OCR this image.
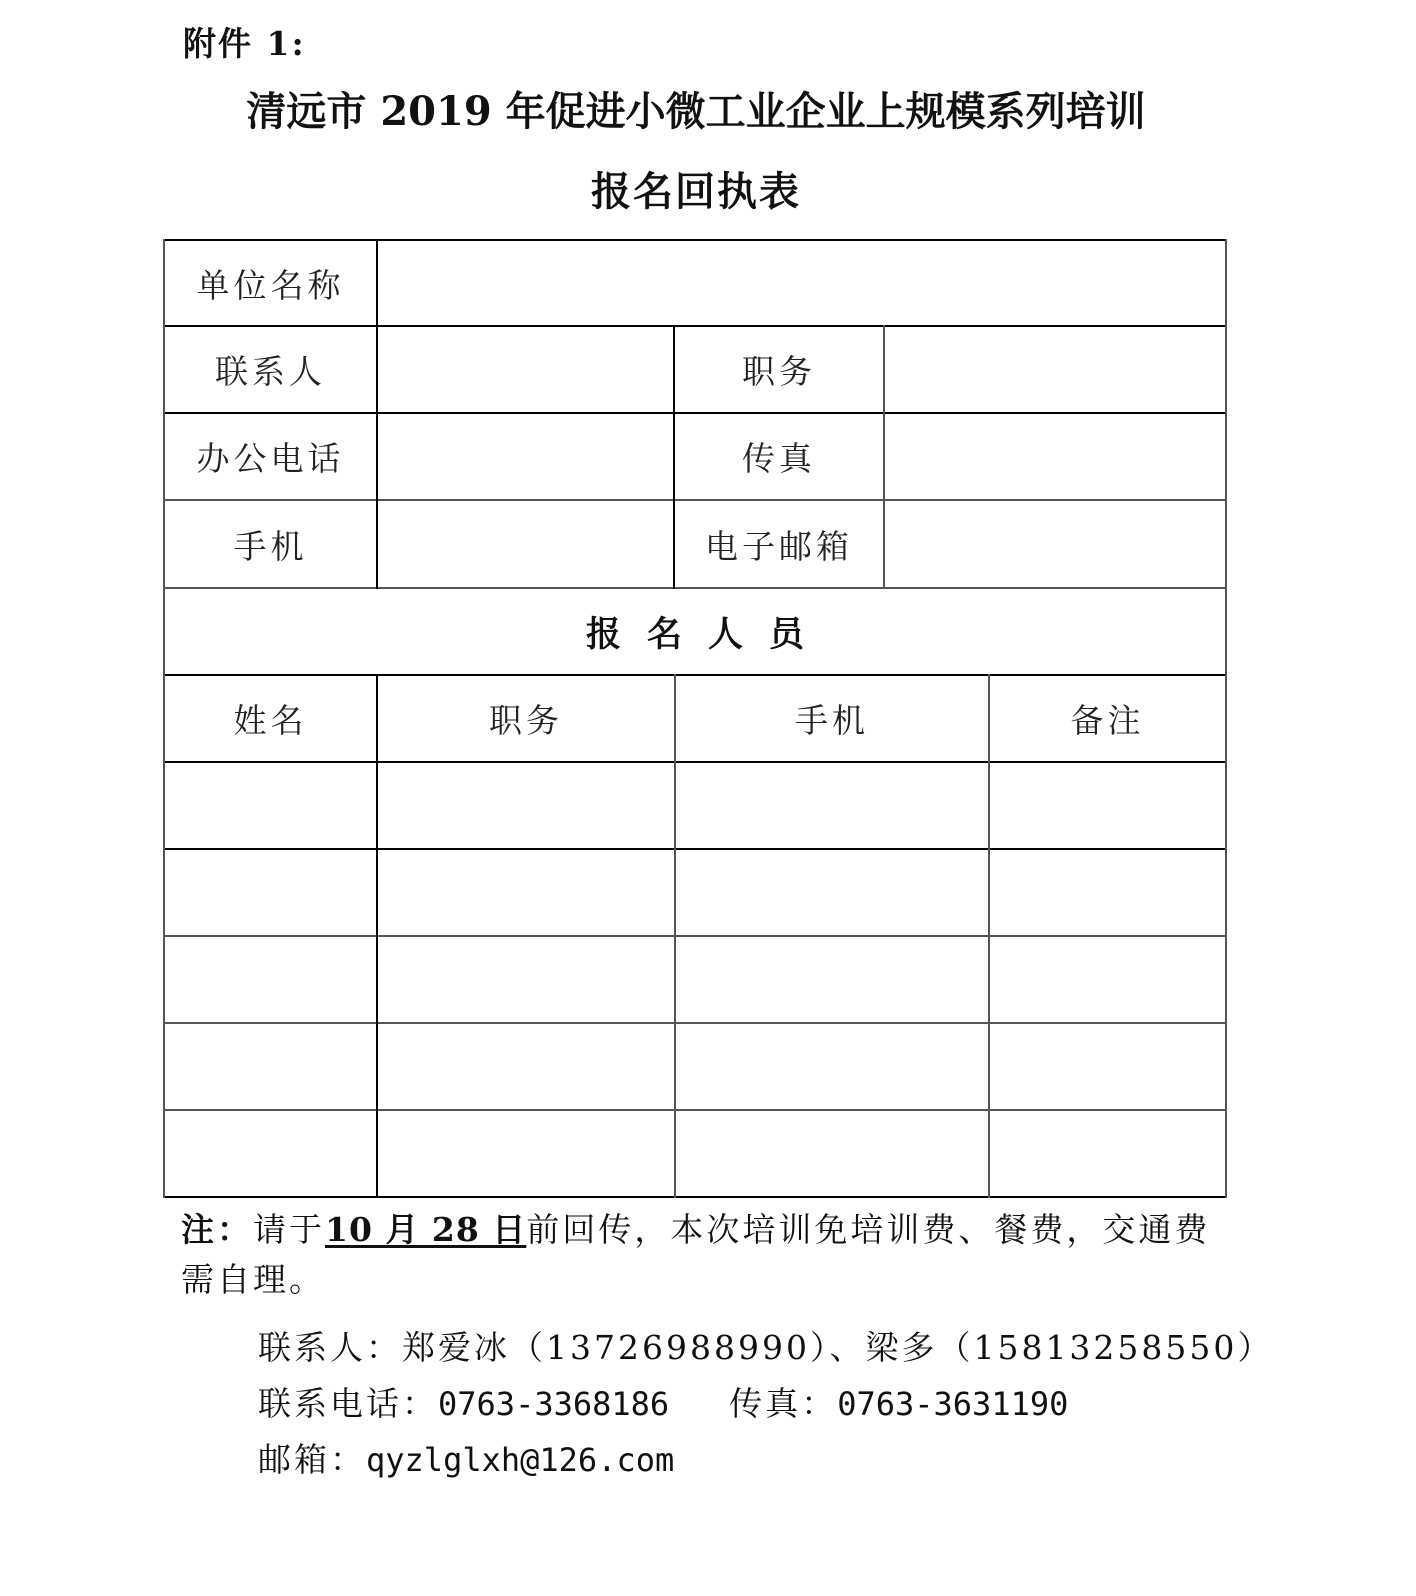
附件 1:
清远市 2019 年促进小微工业企业上规模系列培训
报名回执表
单位名称
联系人	职务
办公电话	传真
手机	电子邮箱
报名人员
姓名	职务	手机	备注
注：请于10 月 28 日前回传，本次培训免培训费、餐费，交通费
需自理。
联系人：郑爱冰（13726988990）、梁多（15813258550）
联系电话：0763-3368186 传真：0763-3631190
邮箱：qyzlglxh@126.com
